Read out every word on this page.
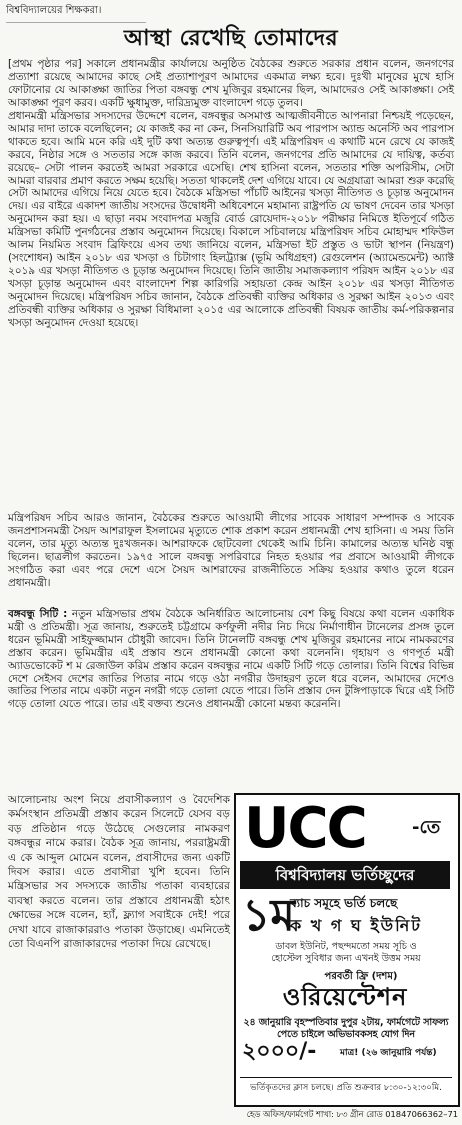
বিশ্ববিদ্যালয়ের শিক্ষকরা।
আস্থা রেখেছি তোমাদের

[প্রথম পৃষ্ঠার পর] সকালে প্রধানমন্ত্রীর কার্যালয়ে অনুষ্ঠিত বৈঠকের শুরুতে সরকার প্রধান বলেন, জনগণের প্রত্যাশা রয়েছে আমাদের কাছে সেই প্রত্যাশাপূরণ আমাদের একমাত্র লক্ষ্য হবে। দুঃখী মানুষের মুখে হাসি ফোটানোর যে আকাঙ্ক্ষা জাতির পিতা বঙ্গবন্ধু শেখ মুজিবুর রহমানের ছিল, আমাদেরও সেই আকাঙ্ক্ষা। সেই আকাঙ্ক্ষা পূরণ করব। একটি ক্ষুধামুক্ত, দারিদ্র্যমুক্ত বাংলাদেশ গড়ে তুলব।

প্রধানমন্ত্রী মন্ত্রিসভার সদস্যদের উদ্দেশে বলেন, বঙ্গবন্ধুর অসমাপ্ত আত্মজীবনীতে আপনারা নিশ্চয়ই পড়েছেন, আমার দাদা তাকে বলেছিলেন; যে কাজই কর না কেন, সিনসিয়ারিটি অব পারপাস অ্যান্ড অনেস্টি অব পারপাস থাকতে হবে। আমি মনে করি এই দুটি কথা অত্যন্ত গুরুত্বপূর্ণ। এই মন্ত্রিপরিষদ এ কথাটি মনে রেখে যে কাজই করবে, নিষ্ঠার সঙ্গে ও সততার সঙ্গে কাজ করবে। তিনি বলেন, জনগণের প্রতি আমাদের যে দায়িত্ব, কর্তব্য রয়েছে– সেটা পালন করতেই আমরা সরকারে এসেছি। শেখ হাসিনা বলেন, সততার শক্তি অপরিসীম, সেটা আমরা বারবার প্রমাণ করতে সক্ষম হয়েছি। সততা থাকলেই দেশ এগিয়ে যাবে। যে অগ্রযাত্রা আমরা শুরু করেছি সেটা আমাদের এগিয়ে নিয়ে যেতে হবে। বৈঠকে মন্ত্রিসভা পাঁচটি আইনের খসড়া নীতিগত ও চূড়ান্ত অনুমোদন দেয়। এর বাইরে একাদশ জাতীয় সংসদের উদ্বোধনী অধিবেশনে মহামান্য রাষ্ট্রপতি যে ভাষণ দেবেন তার খসড়া অনুমোদন করা হয়। এ ছাড়া নবম সংবাদপত্র মজুরি বোর্ড রোয়েদাদ-২০১৮ পরীক্ষার নিমিত্তে ইতিপূর্বে গঠিত মন্ত্রিসভা কমিটি পুনর্গঠনের প্রস্তাব অনুমোদন দিয়েছে। বিকালে সচিবালয়ে মন্ত্রিপরিষদ সচিব মোহাম্মদ শফিউল আলম নিয়মিত সংবাদ ব্রিফিংয়ে এসব তথ্য জানিয়ে বলেন, মন্ত্রিসভা ইট প্রস্তুত ও ভাটা স্থাপন (নিয়ন্ত্রণ)(সংশোধন) আইন ২০১৮ এর খসড়া ও চিটাগাং হিলট্র্যাক্স (ভূমি অধিগ্রহণ) রেগুলেশন (অ্যামেন্ডমেন্ট) অ্যাক্ট ২০১৯ এর খসড়া নীতিগত ও চূড়ান্ত অনুমোদন দিয়েছে। তিনি জাতীয় সমাজকল্যাণ পরিষদ আইন ২০১৮ এর খসড়া চূড়ান্ত অনুমোদন এবং বাংলাদেশ শিল্প কারিগরি সহায়তা কেন্দ্র আইন ২০১৮ এর খসড়া নীতিগত অনুমোদন দিয়েছে। মন্ত্রিপরিষদ সচিব জানান, বৈঠকে প্রতিবন্ধী ব্যক্তির অধিকার ও সুরক্ষা আইন ২০১৩ এবং প্রতিবন্ধী ব্যক্তির অধিকার ও সুরক্ষা বিধিমালা ২০১৫ এর আলোকে প্রতিবন্ধী বিষয়ক জাতীয় কর্ম-পরিকল্পনার খসড়া অনুমোদন দেওয়া হয়েছে।

মন্ত্রিপরিষদ সচিব আরও জানান, বৈঠকের শুরুতে আওয়ামী লীগের সাবেক সাধারণ সম্পাদক ও সাবেক জনপ্রশাসনমন্ত্রী সৈয়দ আশরাফুল ইসলামের মৃত্যুতে শোক প্রকাশ করেন প্রধানমন্ত্রী শেখ হাসিনা। এ সময় তিনি বলেন, তার মৃত্যু অত্যন্ত দুঃখজনক। আশরাফকে ছোটবেলা থেকেই আমি চিনি। কামালের অত্যন্ত ঘনিষ্ঠ বন্ধু ছিলেন। ছাত্রলীগ করতেন। ১৯৭৫ সালে বঙ্গবন্ধু সপরিবারে নিহত হওয়ার পর প্রবাসে আওয়ামী লীগকে সংগঠিত করা এবং পরে দেশে এসে সৈয়দ আশরাফের রাজনীতিতে সক্রিয় হওয়ার কথাও তুলে ধরেন প্রধানমন্ত্রী।

বঙ্গবন্ধু সিটি : নতুন মন্ত্রিসভার প্রথম বৈঠকে অনির্ধারিত আলোচনায় বেশ কিছু বিষয়ে কথা বলেন একাধিক মন্ত্রী ও প্রতিমন্ত্রী। সূত্র জানায়, শুরুতেই চট্টগ্রামে কর্ণফুলী নদীর নিচ দিয়ে নির্মাণাধীন টানেলের প্রসঙ্গ তুলে ধরেন ভূমিমন্ত্রী সাইফুজ্জামান চৌধুরী জাবেদ। তিনি টানেলটি বঙ্গবন্ধু শেখ মুজিবুর রহমানের নামে নামকরণের প্রস্তাব করেন। ভূমিমন্ত্রীর এই প্রস্তাব শুনে প্রধানমন্ত্রী কোনো কথা বলেননি। গৃহায়ণ ও গণপূর্ত মন্ত্রী অ্যাডভোকেট শ ম রেজাউল করিম প্রস্তাব করেন বঙ্গবন্ধুর নামে একটি সিটি গড়ে তোলার। তিনি বিশ্বের বিভিন্ন দেশে সেইসব দেশের জাতির পিতার নামে গড়ে ওঠা নগরীর উদাহরণ তুলে ধরে বলেন, আমাদের দেশেও জাতির পিতার নামে একটা নতুন নগরী গড়ে তোলা যেতে পারে। তিনি প্রস্তাব দেন টুঙ্গিপাড়াকে ঘিরে এই সিটি গড়ে তোলা যেতে পারে। তার এই বক্তব্য শুনেও প্রধানমন্ত্রী কোনো মন্তব্য করেননি।

আলোচনায় অংশ নিয়ে প্রবাসীকল্যাণ ও বৈদেশিক কর্মসংস্থান প্রতিমন্ত্রী প্রস্তাব করেন সিলেটে যেসব বড় বড় প্রতিষ্ঠান গড়ে উঠেছে সেগুলোর নামকরণ বঙ্গবন্ধুর নামে করার। বৈঠক সূত্র জানায়, পররাষ্ট্রমন্ত্রী এ কে আব্দুল মোমেন বলেন, প্রবাসীদের জন্য একটি দিবস করার। এতে প্রবাসীরা খুশি হবেন। তিনি মন্ত্রিসভার সব সদস্যকে জাতীয় পতাকা ব্যবহারের ব্যবস্থা করতে বলেন। তার প্রস্তাবে প্রধানমন্ত্রী হঠাৎ ক্ষোভের সঙ্গে বলেন, হ্যাঁ, ফ্ল্যাগ সবাইকে দেই! পরে দেখা যাবে রাজাকাররাও পতাকা উড়াচ্ছে। এমনিতেই তো বিএনপি রাজাকারদের পতাকা দিয়ে রেখেছে।
UCC	-তে
বিশ্ববিদ্যালয় ভর্তিচ্ছুদের
১ম
ব্যাচ সমূহে ভর্তি চলছে
ক খ গ ঘ ইউনিট
ডাবল ইউনিট, পছন্দমতো সময় সূচি ও
হোস্টেল সুবিধার জন্য এখনই উত্তম সময়
পরবর্তী ফ্রি (দশম)
ওরিয়েন্টেশন
২৪ জানুয়ারি বৃহস্পতিবার দুপুর ২টায়, ফার্মগেটে সাফল্য পেতে চাইলে অভিভাবকসহ যোগ দিন
২০০০/-	মাত্র! (২৬ জানুয়ারি পর্যন্ত)
ভর্তিকৃতদের ক্লাস চলছে। প্রতি শুক্রবার ৮:৩০-১২:৩০মি.
হেড অফিস/ফার্মগেট শাখা: ৮৩ গ্রীন রোড 01847066362–71
